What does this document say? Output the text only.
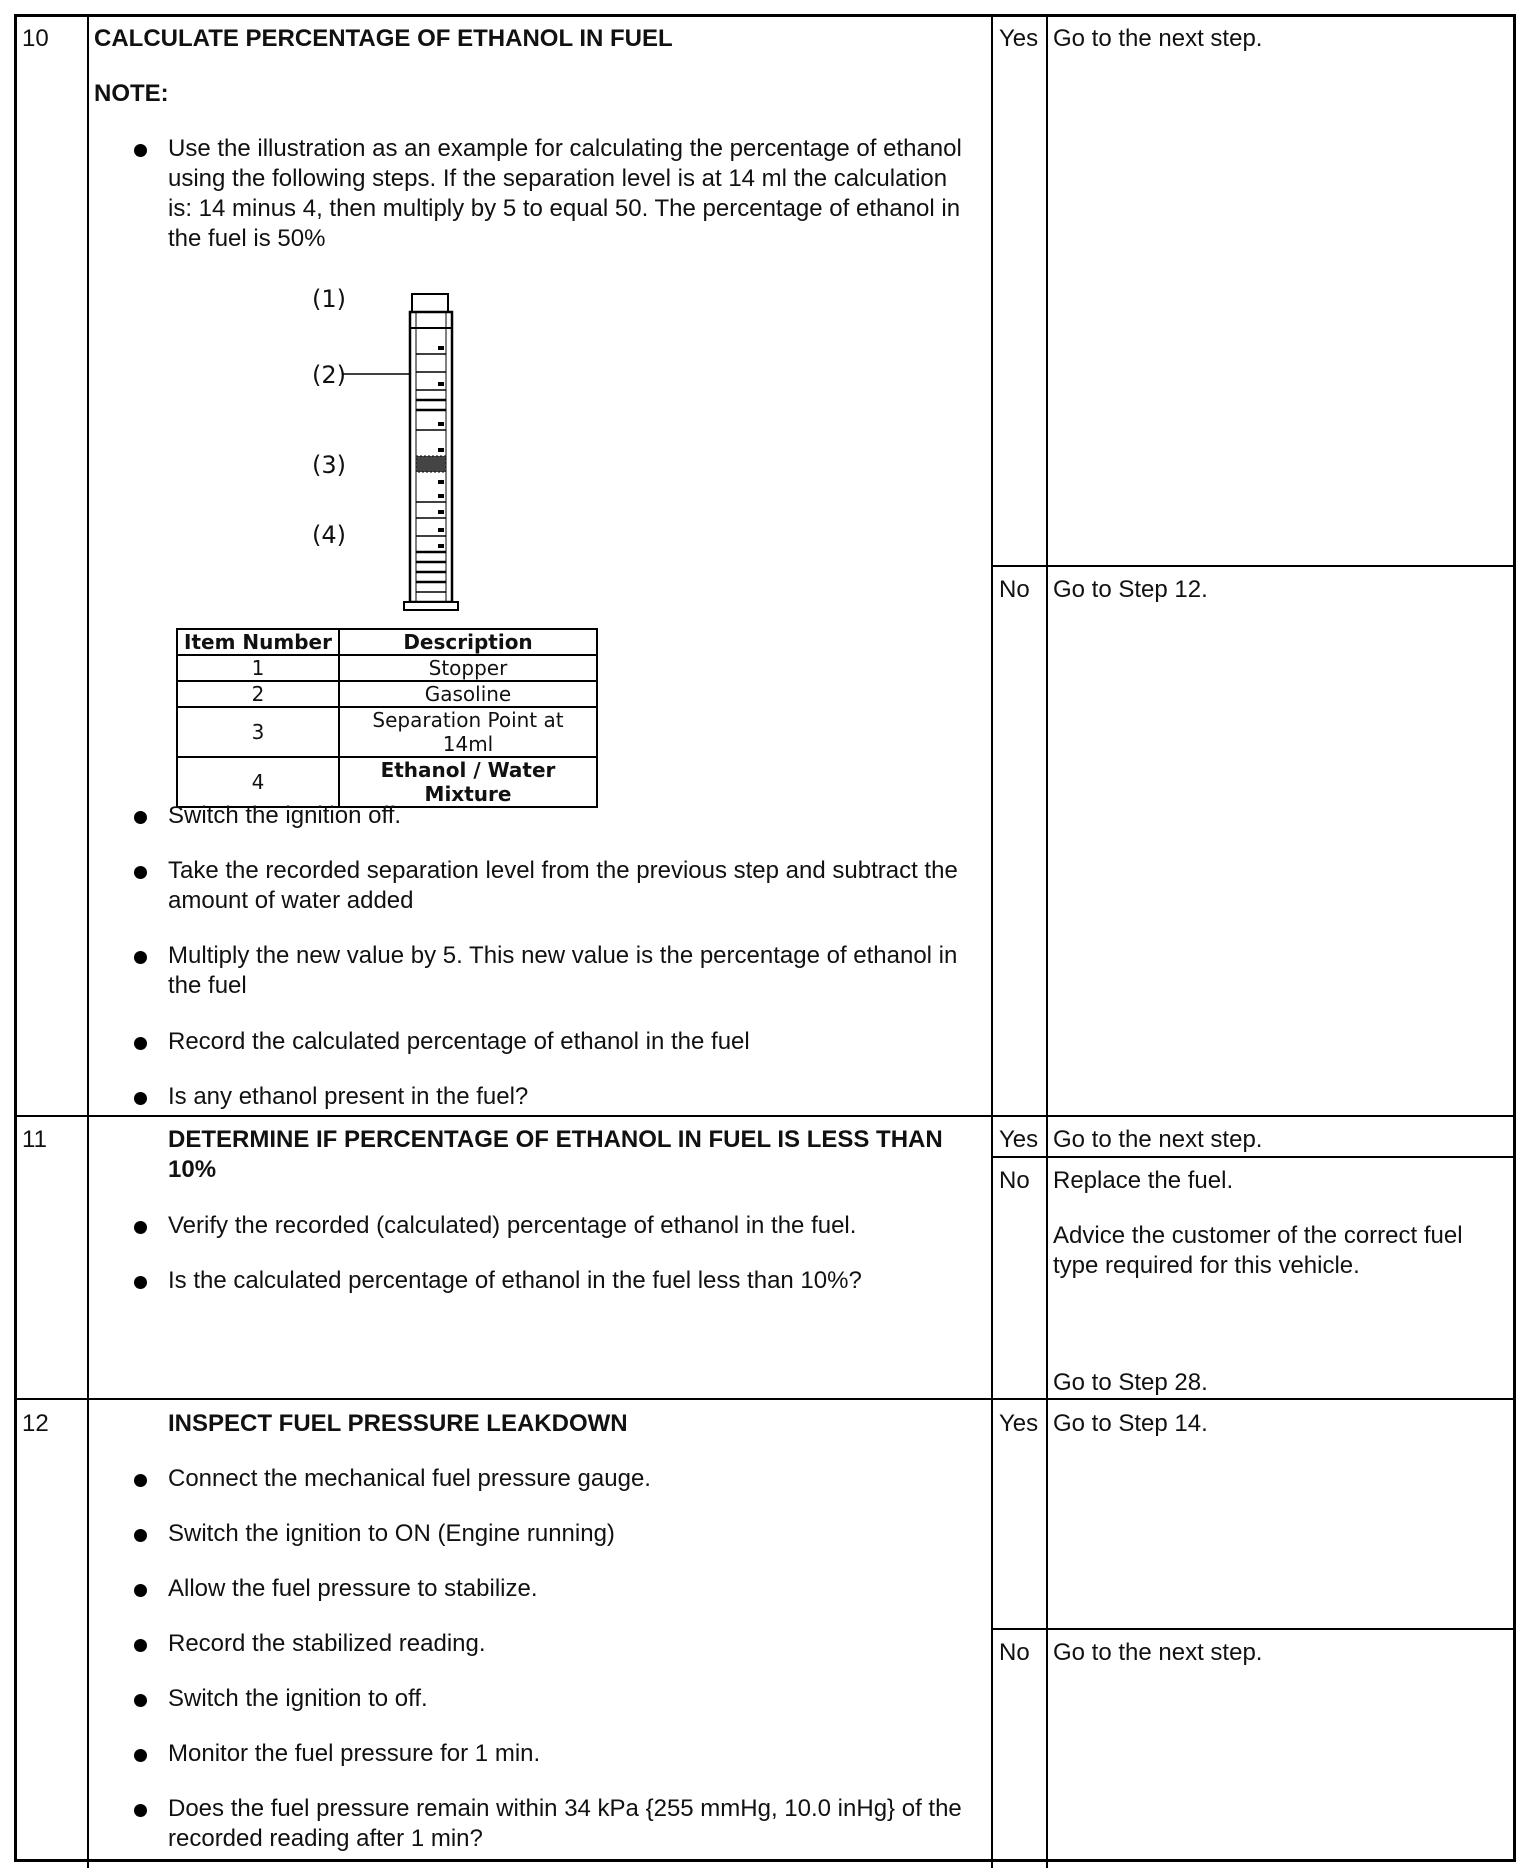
10 CALCULATE PERCENTAGE OF ETHANOL IN FUEL
NOTE:
Use the illustration as an example for calculating the percentage of ethanol using the following steps. If the separation level is at 14 ml the calculation is: 14 minus 4, then multiply by 5 to equal 50. The percentage of ethanol in the fuel is 50%
(1)
(2)
(3)
(4)
Item Number	Description
1	Stopper
2	Gasoline
3	Separation Point at 14ml
4	Ethanol / Water Mixture
Switch the ignition off.
Take the recorded separation level from the previous step and subtract the amount of water added
Multiply the new value by 5. This new value is the percentage of ethanol in the fuel
Record the calculated percentage of ethanol in the fuel
Is any ethanol present in the fuel?
Yes Go to the next step.
No Go to Step 12.
11	DETERMINE IF PERCENTAGE OF ETHANOL IN FUEL IS LESS THAN 10%
Verify the recorded (calculated) percentage of ethanol in the fuel.
Is the calculated percentage of ethanol in the fuel less than 10%?
Yes Go to the next step.
No Replace the fuel.
Advice the customer of the correct fuel type required for this vehicle.
Go to Step 28.
12	INSPECT FUEL PRESSURE LEAKDOWN
Connect the mechanical fuel pressure gauge.
Switch the ignition to ON (Engine running)
Allow the fuel pressure to stabilize.
Record the stabilized reading.
Switch the ignition to off.
Monitor the fuel pressure for 1 min.
Does the fuel pressure remain within 34 kPa {255 mmHg, 10.0 inHg} of the recorded reading after 1 min?
Yes Go to Step 14.
No Go to the next step.
